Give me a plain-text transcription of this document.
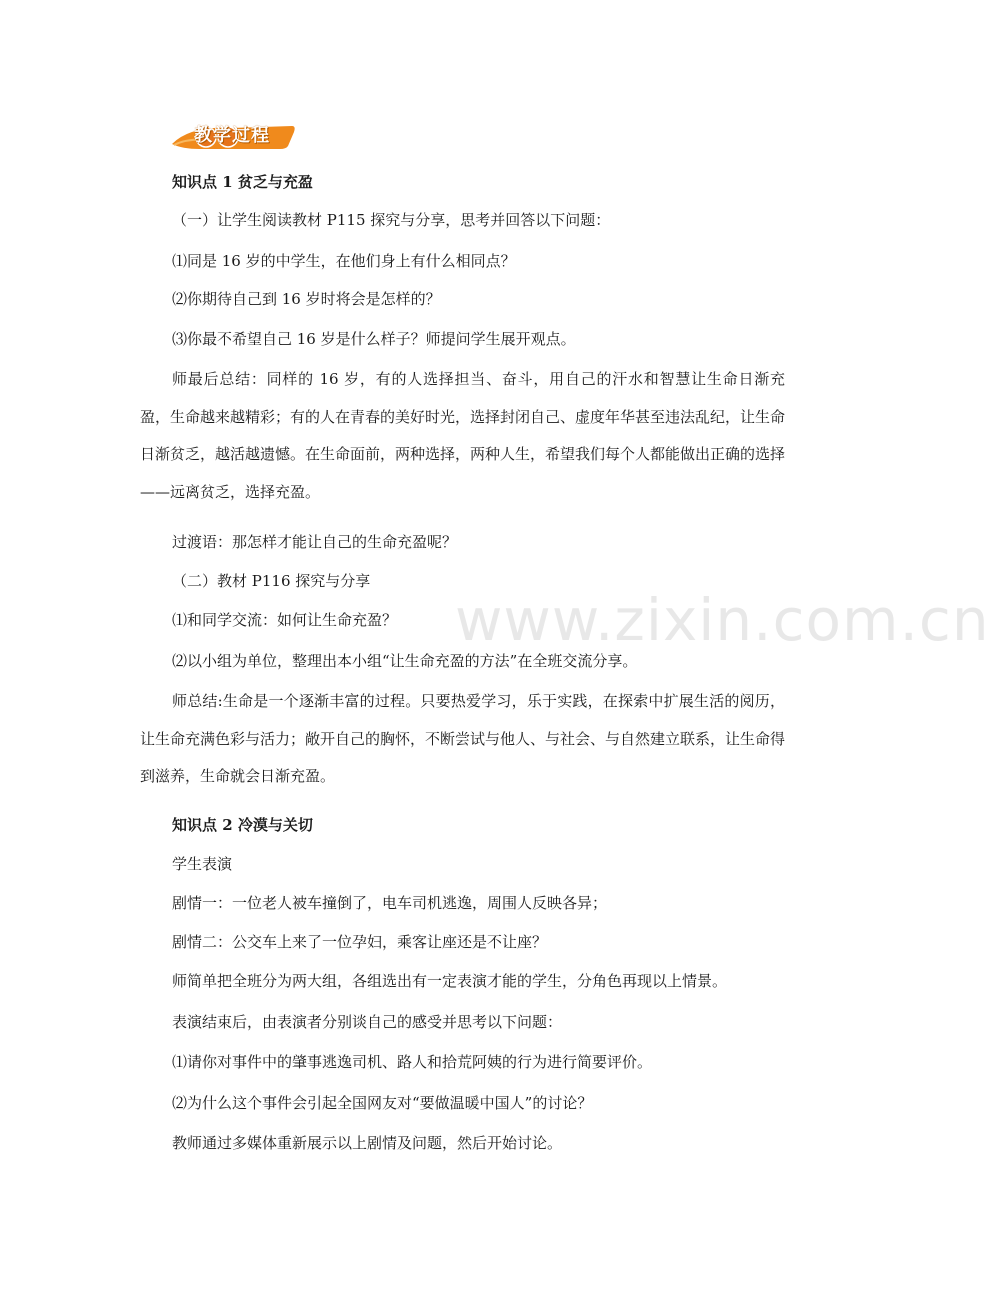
www.zixin.com.cn
教学过程
知识点 1 贫乏与充盈
（一）让学生阅读教材 P115 探究与分享，思考并回答以下问题：
⑴同是 16 岁的中学生，在他们身上有什么相同点？
⑵你期待自己到 16 岁时将会是怎样的？
⑶你最不希望自己 16 岁是什么样子？师提问学生展开观点。
师最后总结：同样的 16 岁，有的人选择担当、奋斗，用自己的汗水和智慧让生命日渐充盈，生命越来越精彩；有的人在青春的美好时光，选择封闭自己、虚度年华甚至违法乱纪，让生命日渐贫乏，越活越遗憾。在生命面前，两种选择，两种人生，希望我们每个人都能做出正确的选择——远离贫乏，选择充盈。
过渡语：那怎样才能让自己的生命充盈呢？
（二）教材 P116 探究与分享
⑴和同学交流：如何让生命充盈？
⑵以小组为单位，整理出本小组“让生命充盈的方法”在全班交流分享。
师总结:生命是一个逐渐丰富的过程。只要热爱学习，乐于实践，在探索中扩展生活的阅历，让生命充满色彩与活力；敞开自己的胸怀，不断尝试与他人、与社会、与自然建立联系，让生命得到滋养，生命就会日渐充盈。
知识点 2 冷漠与关切
学生表演
剧情一：一位老人被车撞倒了，电车司机逃逸，周围人反映各异；
剧情二：公交车上来了一位孕妇，乘客让座还是不让座？
师简单把全班分为两大组，各组选出有一定表演才能的学生，分角色再现以上情景。
表演结束后，由表演者分别谈自己的感受并思考以下问题：
⑴请你对事件中的肇事逃逸司机、路人和拾荒阿姨的行为进行简要评价。
⑵为什么这个事件会引起全国网友对“要做温暖中国人”的讨论？
教师通过多媒体重新展示以上剧情及问题，然后开始讨论。
